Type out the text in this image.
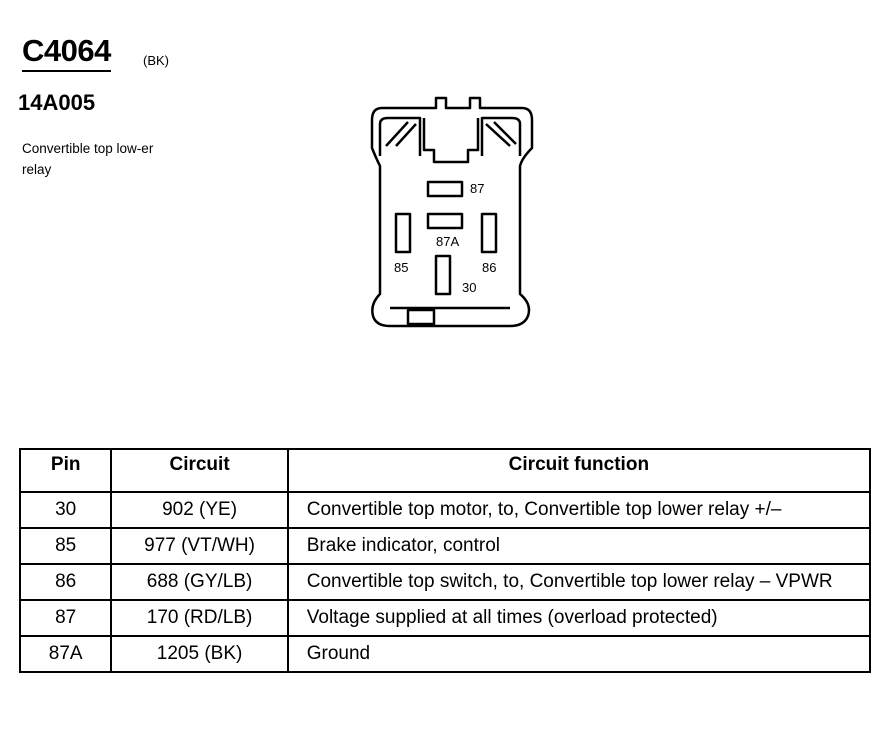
C4064 (BK)
14A005
Convertible top low-er relay
87
87A
85	86
30
Pin	Circuit	Circuit function
30	902 (YE)	Convertible top motor, to, Convertible top lower relay +/–
85	977 (VT/WH)	Brake indicator, control
86	688 (GY/LB)	Convertible top switch, to, Convertible top lower relay – VPWR
87	170 (RD/LB)	Voltage supplied at all times (overload protected)
87A	1205 (BK)	Ground
